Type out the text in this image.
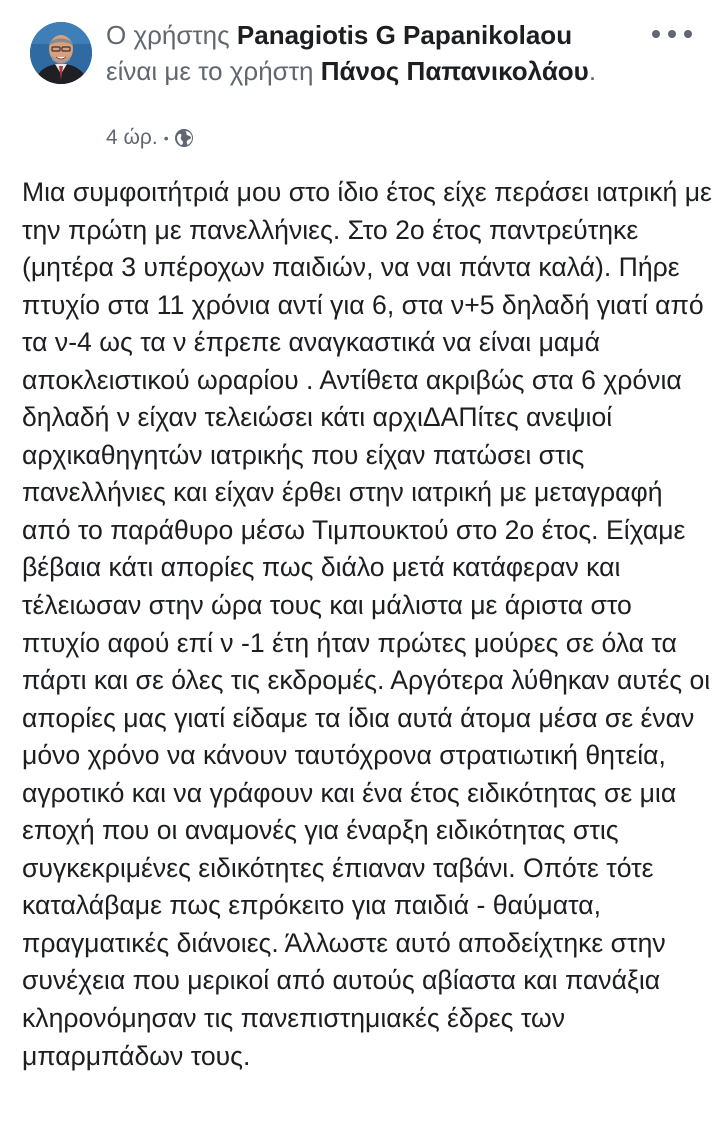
Ο χρήστης Panagiotis G Papanikolaou
είναι με το χρήστη Πάνος Παπανικολάου.
4 ώρ. •
Μια συμφοιτήτριά μου στο ίδιο έτος είχε περάσει ιατρική με την πρώτη με πανελλήνιες. Στο 2ο έτος παντρεύτηκε (μητέρα 3 υπέροχων παιδιών, να ναι πάντα καλά). Πήρε πτυχίο στα 11 χρόνια αντί για 6, στα ν+5 δηλαδή γιατί από τα ν-4 ως τα ν έπρεπε αναγκαστικά να είναι μαμά αποκλειστικού ωραρίου . Αντίθετα ακριβώς στα 6 χρόνια δηλαδή ν είχαν τελειώσει κάτι αρχιΔΑΠίτες ανεψιοί αρχικαθηγητών ιατρικής που είχαν πατώσει στις πανελλήνιες και είχαν έρθει στην ιατρική με μεταγραφή από το παράθυρο μέσω Τιμπουκτού στο 2ο έτος. Είχαμε βέβαια κάτι απορίες πως διάλο μετά κατάφεραν και τέλειωσαν στην ώρα τους και μάλιστα με άριστα στο πτυχίο αφού επί ν -1 έτη ήταν πρώτες μούρες σε όλα τα πάρτι και σε όλες τις εκδρομές. Αργότερα λύθηκαν αυτές οι απορίες μας γιατί είδαμε τα ίδια αυτά άτομα μέσα σε έναν μόνο χρόνο να κάνουν ταυτόχρονα στρατιωτική θητεία, αγροτικό και να γράφουν και ένα έτος ειδικότητας σε μια εποχή που οι αναμονές για έναρξη ειδικότητας στις συγκεκριμένες ειδικότητες έπιαναν ταβάνι. Οπότε τότε καταλάβαμε πως επρόκειτο για παιδιά - θαύματα, πραγματικές διάνοιες. Άλλωστε αυτό αποδείχτηκε στην συνέχεια που μερικοί από αυτούς αβίαστα και πανάξια κληρονόμησαν τις πανεπιστημιακές έδρες των μπαρμπάδων τους.
